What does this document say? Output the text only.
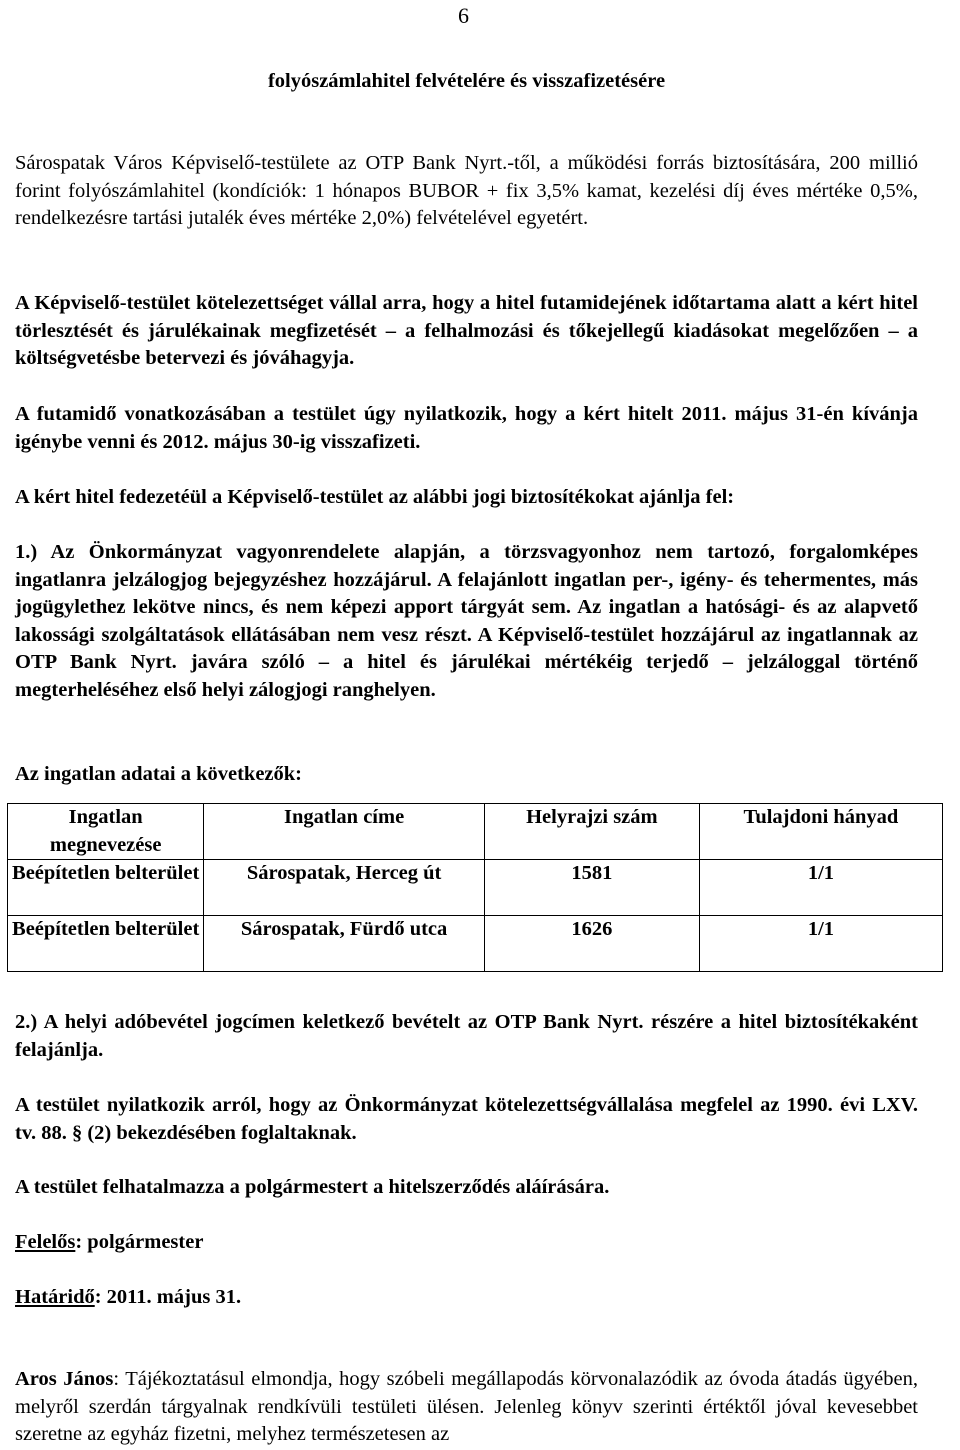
6

folyószámlahitel felvételére és visszafizetésére

Sárospatak Város Képviselő-testülete az OTP Bank Nyrt.-től, a működési forrás biztosítására, 200 millió forint folyószámlahitel (kondíciók: 1 hónapos BUBOR + fix 3,5% kamat, kezelési díj éves mértéke 0,5%, rendelkezésre tartási jutalék éves mértéke 2,0%) felvételével egyetért.

A Képviselő-testület kötelezettséget vállal arra, hogy a hitel futamidejének időtartama alatt a kért hitel törlesztését és járulékainak megfizetését – a felhalmozási és tőkejellegű kiadásokat megelőzően – a költségvetésbe betervezi és jóváhagyja.

A futamidő vonatkozásában a testület úgy nyilatkozik, hogy a kért hitelt 2011. május 31-én kívánja igénybe venni és 2012. május 30-ig visszafizeti.

A kért hitel fedezetéül a Képviselő-testület az alábbi jogi biztosítékokat ajánlja fel:

1.) Az Önkormányzat vagyonrendelete alapján, a törzsvagyonhoz nem tartozó, forgalomképes ingatlanra jelzálogjog bejegyzéshez hozzájárul. A felajánlott ingatlan per-, igény- és tehermentes, más jogügylethez lekötve nincs, és nem képezi apport tárgyát sem. Az ingatlan a hatósági- és az alapvető lakossági szolgáltatások ellátásában nem vesz részt. A Képviselő-testület hozzájárul az ingatlannak az OTP Bank Nyrt. javára szóló – a hitel és járulékai mértékéig terjedő – jelzáloggal történő megterheléséhez első helyi zálogjogi ranghelyen.

Az ingatlan adatai a következők:

Ingatlan megnevezése	Ingatlan címe	Helyrajzi szám	Tulajdoni hányad
Beépítetlen belterület	Sárospatak, Herceg út	1581	1/1
Beépítetlen belterület	Sárospatak, Fürdő utca	1626	1/1

2.) A helyi adóbevétel jogcímen keletkező bevételt az OTP Bank Nyrt. részére a hitel biztosítékaként felajánlja.

A testület nyilatkozik arról, hogy az Önkormányzat kötelezettségvállalása megfelel az 1990. évi LXV. tv. 88. § (2) bekezdésében foglaltaknak.

A testület felhatalmazza a polgármestert a hitelszerződés aláírására.

Felelős: polgármester

Határidő: 2011. május 31.

Aros János: Tájékoztatásul elmondja, hogy szóbeli megállapodás körvonalazódik az óvoda átadás ügyében, melyről szerdán tárgyalnak rendkívüli testületi ülésen. Jelenleg könyv szerinti értéktől jóval kevesebbet szeretne az egyház fizetni, melyhez természetesen az
